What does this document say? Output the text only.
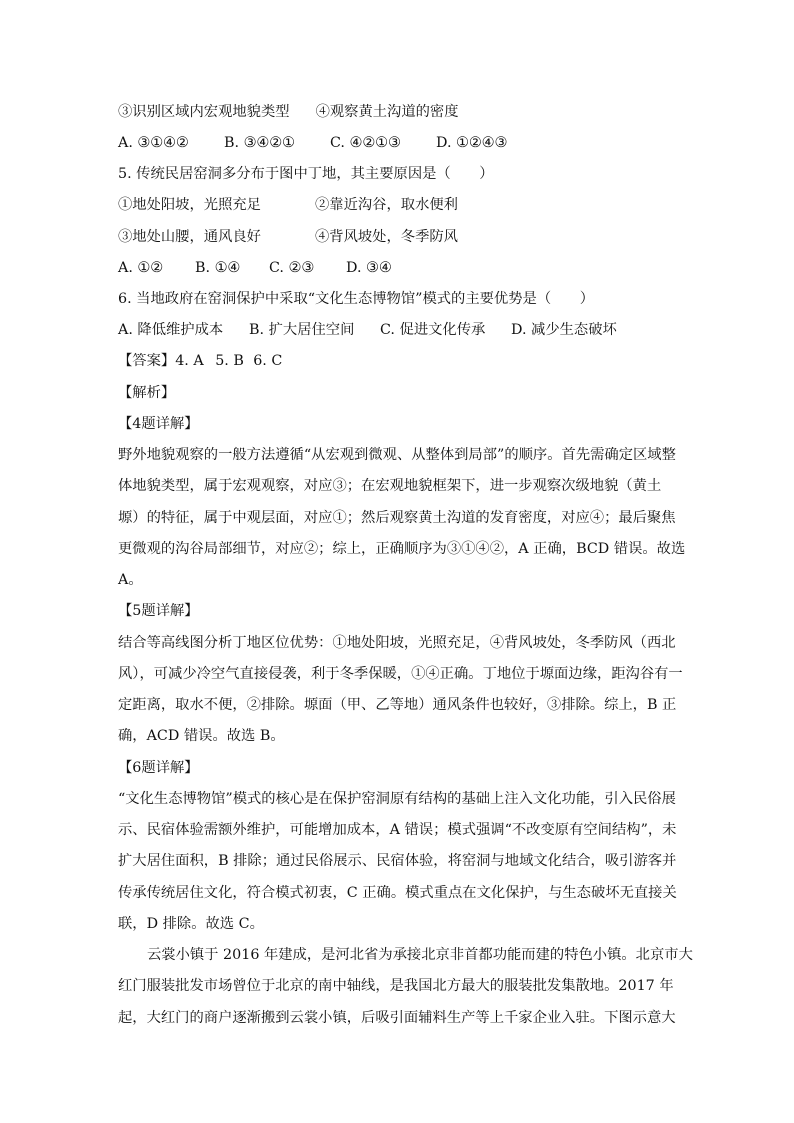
③识别区域内宏观地貌类型 ④观察黄土沟道的密度
A. ③①④② B. ③④②① C. ④②①③ D. ①②④③
5. 传统民居窑洞多分布于图中丁地，其主要原因是（　　）
①地处阳坡，光照充足	②靠近沟谷，取水便利
③地处山腰，通风良好	④背风坡处，冬季防风
A. ①② B. ①④ C. ②③ D. ③④
6. 当地政府在窑洞保护中采取“文化生态博物馆”模式的主要优势是（　　）
A. 降低维护成本 B. 扩大居住空间 C. 促进文化传承 D. 减少生态破坏
【答案】4. A 5. B 6. C
【解析】
【4题详解】
野外地貌观察的一般方法遵循“从宏观到微观、从整体到局部”的顺序。首先需确定区域整
体地貌类型，属于宏观观察，对应③；在宏观地貌框架下，进一步观察次级地貌（黄土
塬）的特征，属于中观层面，对应①；然后观察黄土沟道的发育密度，对应④；最后聚焦
更微观的沟谷局部细节，对应②；综上，正确顺序为③①④②，A 正确，BCD 错误。故选
A。
【5题详解】
结合等高线图分析丁地区位优势：①地处阳坡，光照充足，④背风坡处，冬季防风（西北
风），可减少冷空气直接侵袭，利于冬季保暖，①④正确。丁地位于塬面边缘，距沟谷有一
定距离，取水不便，②排除。塬面（甲、乙等地）通风条件也较好，③排除。综上，B 正
确，ACD 错误。故选 B。
【6题详解】
“文化生态博物馆”模式的核心是在保护窑洞原有结构的基础上注入文化功能，引入民俗展
示、民宿体验需额外维护，可能增加成本，A 错误；模式强调“不改变原有空间结构”，未
扩大居住面积，B 排除；通过民俗展示、民宿体验，将窑洞与地域文化结合，吸引游客并
传承传统居住文化，符合模式初衷，C 正确。模式重点在文化保护，与生态破坏无直接关
联，D 排除。故选 C。
云裳小镇于 2016 年建成，是河北省为承接北京非首都功能而建的特色小镇。北京市大
红门服装批发市场曾位于北京的南中轴线，是我国北方最大的服装批发集散地。2017 年
起，大红门的商户逐渐搬到云裳小镇，后吸引面辅料生产等上千家企业入驻。下图示意大
